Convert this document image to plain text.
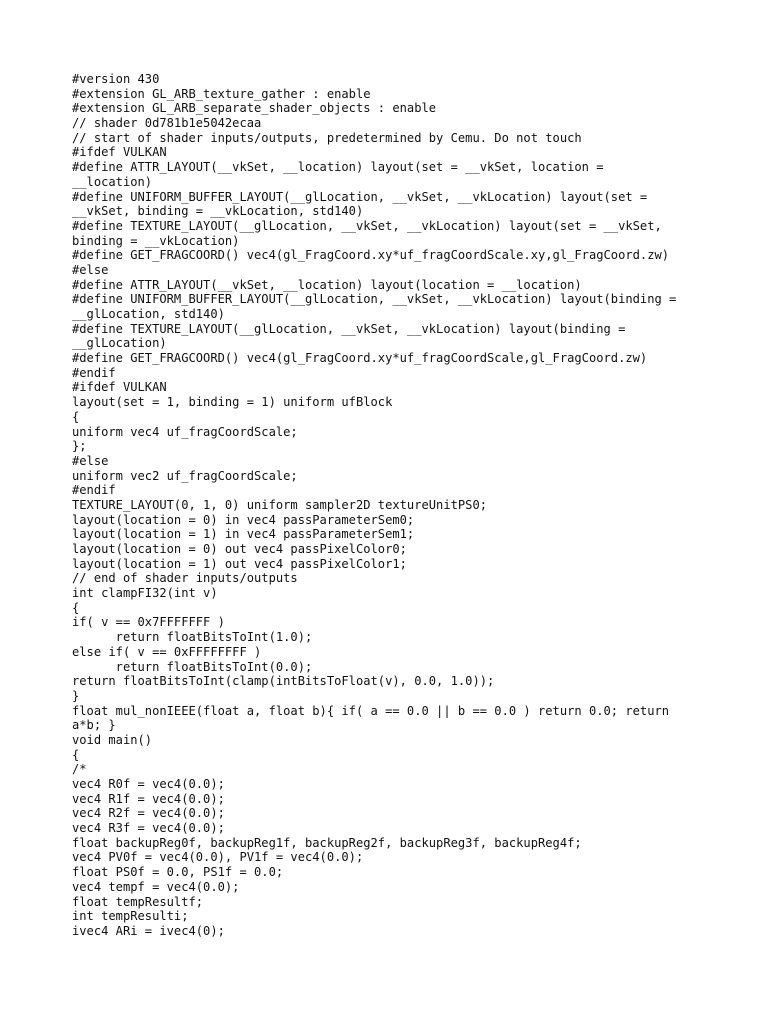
#version 430
#extension GL_ARB_texture_gather : enable
#extension GL_ARB_separate_shader_objects : enable
// shader 0d781b1e5042ecaa
// start of shader inputs/outputs, predetermined by Cemu. Do not touch
#ifdef VULKAN
#define ATTR_LAYOUT(__vkSet, __location) layout(set = __vkSet, location =
__location)
#define UNIFORM_BUFFER_LAYOUT(__glLocation, __vkSet, __vkLocation) layout(set =
__vkSet, binding = __vkLocation, std140)
#define TEXTURE_LAYOUT(__glLocation, __vkSet, __vkLocation) layout(set = __vkSet,
binding = __vkLocation)
#define GET_FRAGCOORD() vec4(gl_FragCoord.xy*uf_fragCoordScale.xy,gl_FragCoord.zw)
#else
#define ATTR_LAYOUT(__vkSet, __location) layout(location = __location)
#define UNIFORM_BUFFER_LAYOUT(__glLocation, __vkSet, __vkLocation) layout(binding =
__glLocation, std140)
#define TEXTURE_LAYOUT(__glLocation, __vkSet, __vkLocation) layout(binding =
__glLocation)
#define GET_FRAGCOORD() vec4(gl_FragCoord.xy*uf_fragCoordScale,gl_FragCoord.zw)
#endif
#ifdef VULKAN
layout(set = 1, binding = 1) uniform ufBlock
{
uniform vec4 uf_fragCoordScale;
};
#else
uniform vec2 uf_fragCoordScale;
#endif
TEXTURE_LAYOUT(0, 1, 0) uniform sampler2D textureUnitPS0;
layout(location = 0) in vec4 passParameterSem0;
layout(location = 1) in vec4 passParameterSem1;
layout(location = 0) out vec4 passPixelColor0;
layout(location = 1) out vec4 passPixelColor1;
// end of shader inputs/outputs
int clampFI32(int v)
{
if( v == 0x7FFFFFFF )
return floatBitsToInt(1.0);
else if( v == 0xFFFFFFFF )
return floatBitsToInt(0.0);
return floatBitsToInt(clamp(intBitsToFloat(v), 0.0, 1.0));
}
float mul_nonIEEE(float a, float b){ if( a == 0.0 || b == 0.0 ) return 0.0; return
a*b; }
void main()
{
/*
vec4 R0f = vec4(0.0);
vec4 R1f = vec4(0.0);
vec4 R2f = vec4(0.0);
vec4 R3f = vec4(0.0);
float backupReg0f, backupReg1f, backupReg2f, backupReg3f, backupReg4f;
vec4 PV0f = vec4(0.0), PV1f = vec4(0.0);
float PS0f = 0.0, PS1f = 0.0;
vec4 tempf = vec4(0.0);
float tempResultf;
int tempResulti;
ivec4 ARi = ivec4(0);
